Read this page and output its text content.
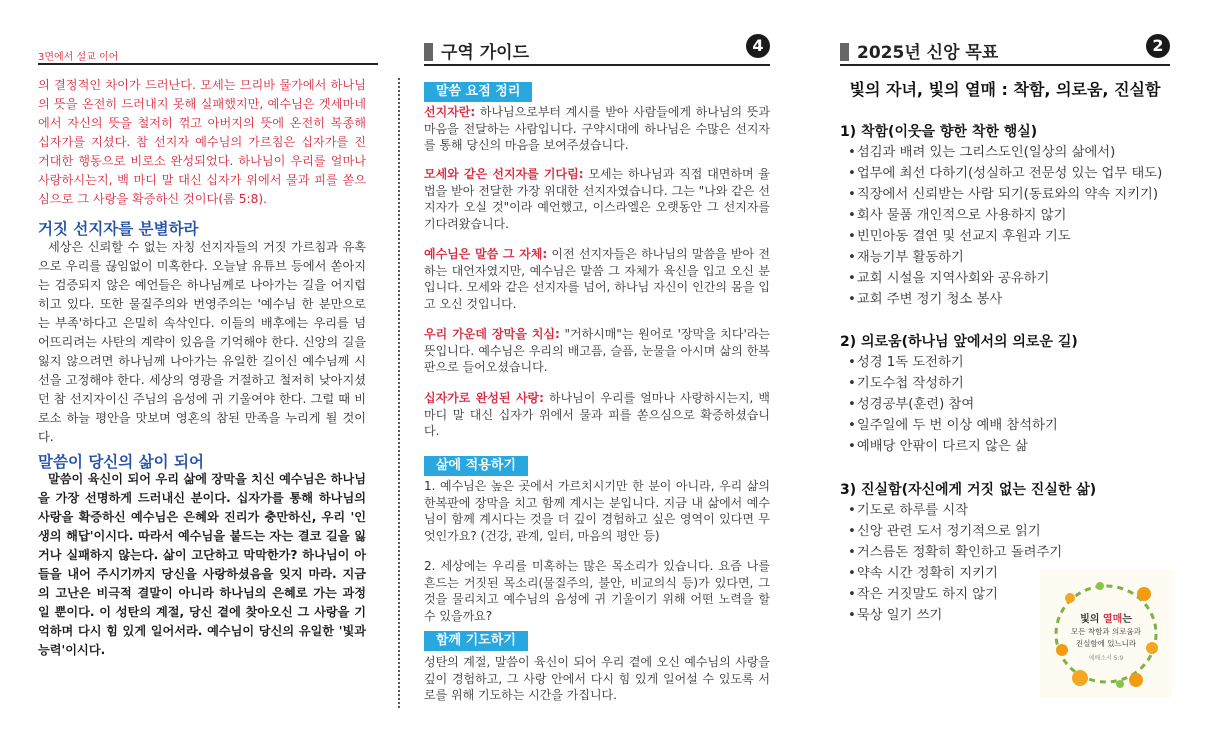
3면에서 설교 이어	구역 가이드	4	2025년 신앙 목표	2

의 결정적인 차이가 드러난다. 모세는 므리바 물가에서 하나님의 뜻을 온전히 드러내지 못해 실패했지만, 예수님은 겟세마네에서 자신의 뜻을 철저히 꺾고 아버지의 뜻에 온전히 복종해 십자가를 지셨다. 참 선지자 예수님의 가르침은 십자가를 진 거대한 행동으로 비로소 완성되었다. 하나님이 우리를 얼마나 사랑하시는지, 백 마디 말 대신 십자가 위에서 물과 피를 쏟으심으로 그 사랑을 확증하신 것이다(롬 5:8).

거짓 선지자를 분별하라

세상은 신뢰할 수 없는 자칭 선지자들의 거짓 가르침과 유혹으로 우리를 끊임없이 미혹한다. 오늘날 유튜브 등에서 쏟아지는 검증되지 않은 예언들은 하나님께로 나아가는 길을 어지럽히고 있다. 또한 물질주의와 번영주의는 '예수님 한 분만으로는 부족'하다고 은밀히 속삭인다. 이들의 배후에는 우리를 넘어뜨리려는 사탄의 계략이 있음을 기억해야 한다. 신앙의 길을 잃지 않으려면 하나님께 나아가는 유일한 길이신 예수님께 시선을 고정해야 한다. 세상의 영광을 거절하고 철저히 낮아지셨던 참 선지자이신 주님의 음성에 귀 기울여야 한다. 그럴 때 비로소 하늘 평안을 맛보며 영혼의 참된 만족을 누리게 될 것이다.

말씀이 당신의 삶이 되어

말씀이 육신이 되어 우리 삶에 장막을 치신 예수님은 하나님을 가장 선명하게 드러내신 분이다. 십자가를 통해 하나님의 사랑을 확증하신 예수님은 은혜와 진리가 충만하신, 우리 '인생의 해답'이시다. 따라서 예수님을 붙드는 자는 결코 길을 잃거나 실패하지 않는다. 삶이 고단하고 막막한가? 하나님이 아들을 내어 주시기까지 당신을 사랑하셨음을 잊지 마라. 지금의 고난은 비극적 결말이 아니라 하나님의 은혜로 가는 과정일 뿐이다. 이 성탄의 계절, 당신 곁에 찾아오신 그 사랑을 기억하며 다시 힘 있게 일어서라. 예수님이 당신의 유일한 '빛과 능력'이시다.

말씀 요점 정리

선지자란: 하나님으로부터 계시를 받아 사람들에게 하나님의 뜻과 마음을 전달하는 사람입니다. 구약시대에 하나님은 수많은 선지자를 통해 당신의 마음을 보여주셨습니다.

모세와 같은 선지자를 기다림: 모세는 하나님과 직접 대면하며 율법을 받아 전달한 가장 위대한 선지자였습니다. 그는 "나와 같은 선지자가 오실 것"이라 예언했고, 이스라엘은 오랫동안 그 선지자를 기다려왔습니다.

예수님은 말씀 그 자체: 이전 선지자들은 하나님의 말씀을 받아 전하는 대언자였지만, 예수님은 말씀 그 자체가 육신을 입고 오신 분입니다. 모세와 같은 선지자를 넘어, 하나님 자신이 인간의 몸을 입고 오신 것입니다.

우리 가운데 장막을 치심: "거하시매"는 원어로 '장막을 치다'라는 뜻입니다. 예수님은 우리의 배고픔, 슬픔, 눈물을 아시며 삶의 한복판으로 들어오셨습니다.

십자가로 완성된 사랑: 하나님이 우리를 얼마나 사랑하시는지, 백 마디 말 대신 십자가 위에서 물과 피를 쏟으심으로 확증하셨습니다.

삶에 적용하기

1. 예수님은 높은 곳에서 가르치시기만 한 분이 아니라, 우리 삶의 한복판에 장막을 치고 함께 계시는 분입니다. 지금 내 삶에서 예수님이 함께 계시다는 것을 더 깊이 경험하고 싶은 영역이 있다면 무엇인가요? (건강, 관계, 일터, 마음의 평안 등)

2. 세상에는 우리를 미혹하는 많은 목소리가 있습니다. 요즘 나를 흔드는 거짓된 목소리(물질주의, 불안, 비교의식 등)가 있다면, 그것을 물리치고 예수님의 음성에 귀 기울이기 위해 어떤 노력을 할 수 있을까요?

함께 기도하기

성탄의 계절, 말씀이 육신이 되어 우리 곁에 오신 예수님의 사랑을 깊이 경험하고, 그 사랑 안에서 다시 힘 있게 일어설 수 있도록 서로를 위해 기도하는 시간을 가집니다.

빛의 자녀, 빛의 열매 : 착함, 의로움, 진실함
1) 착함(이웃을 향한 착한 행실)
• 섬김과 배려 있는 그리스도인(일상의 삶에서)
• 업무에 최선 다하기(성실하고 전문성 있는 업무 태도)
• 직장에서 신뢰받는 사람 되기(동료와의 약속 지키기)
• 회사 물품 개인적으로 사용하지 않기
• 빈민아동 결연 및 선교지 후원과 기도
• 재능기부 활동하기
• 교회 시설을 지역사회와 공유하기
• 교회 주변 정기 청소 봉사
2) 의로움(하나님 앞에서의 의로운 길)
• 성경 1독 도전하기
• 기도수첩 작성하기
• 성경공부(훈련) 참여
• 일주일에 두 번 이상 예배 참석하기
• 예배당 안팎이 다르지 않은 삶
3) 진실함(자신에게 거짓 없는 진실한 삶)
• 기도로 하루를 시작
• 신앙 관련 도서 정기적으로 읽기
• 거스름돈 정확히 확인하고 돌려주기
• 약속 시간 정확히 지키기
• 작은 거짓말도 하지 않기
• 묵상 일기 쓰기	빛의 열매는
모든 착함과 의로움과
진실함에 있느니라
에베소서 5:9
